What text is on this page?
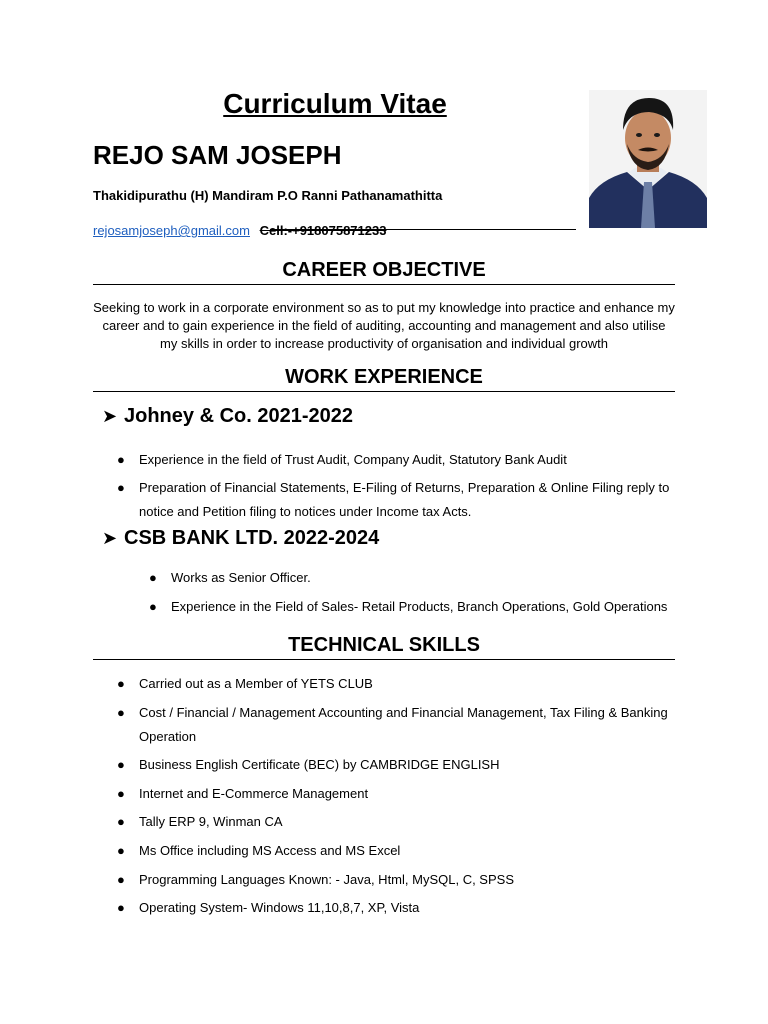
Curriculum Vitae
REJO SAM JOSEPH
Thakidipurathu (H) Mandiram P.O Ranni Pathanamathitta
rejosamjoseph@gmail.com Cell:-+918075871233
CAREER OBJECTIVE
Seeking to work in a corporate environment so as to put my knowledge into practice and enhance my career and to gain experience in the field of auditing, accounting and management and also utilise my skills in order to increase productivity of organisation and individual growth
WORK EXPERIENCE
➤ Johney & Co. 2021-2022
● Experience in the field of Trust Audit, Company Audit, Statutory Bank Audit
● Preparation of Financial Statements, E-Filing of Returns, Preparation & Online Filing reply to notice and Petition filing to notices under Income tax Acts.
➤ CSB BANK LTD. 2022-2024
● Works as Senior Officer.
● Experience in the Field of Sales- Retail Products, Branch Operations, Gold Operations
TECHNICAL SKILLS
● Carried out as a Member of YETS CLUB
● Cost / Financial / Management Accounting and Financial Management, Tax Filing & Banking Operation
● Business English Certificate (BEC) by CAMBRIDGE ENGLISH
● Internet and E-Commerce Management
● Tally ERP 9, Winman CA
● Ms Office including MS Access and MS Excel
● Programming Languages Known: - Java, Html, MySQL, C, SPSS
● Operating System- Windows 11,10,8,7, XP, Vista
